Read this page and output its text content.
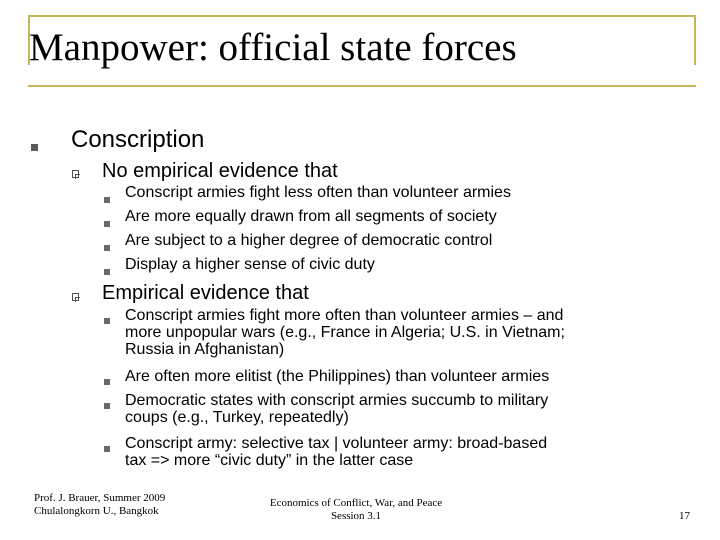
Manpower: official state forces
Conscription
No empirical evidence that
Conscript armies fight less often than volunteer armies
Are more equally drawn from all segments of society
Are subject to a higher degree of democratic control
Display a higher sense of civic duty
Empirical evidence that
Conscript armies fight more often than volunteer armies – and
more unpopular wars (e.g., France in Algeria; U.S. in Vietnam;
Russia in Afghanistan)
Are often more elitist (the Philippines) than volunteer armies
Democratic states with conscript armies succumb to military
coups (e.g., Turkey, repeatedly)
Conscript army: selective tax | volunteer army: broad-based
tax => more “civic duty” in the latter case
Prof. J. Brauer, Summer 2009
Chulalongkorn U., Bangkok
Economics of Conflict, War, and Peace
Session 3.1	17
